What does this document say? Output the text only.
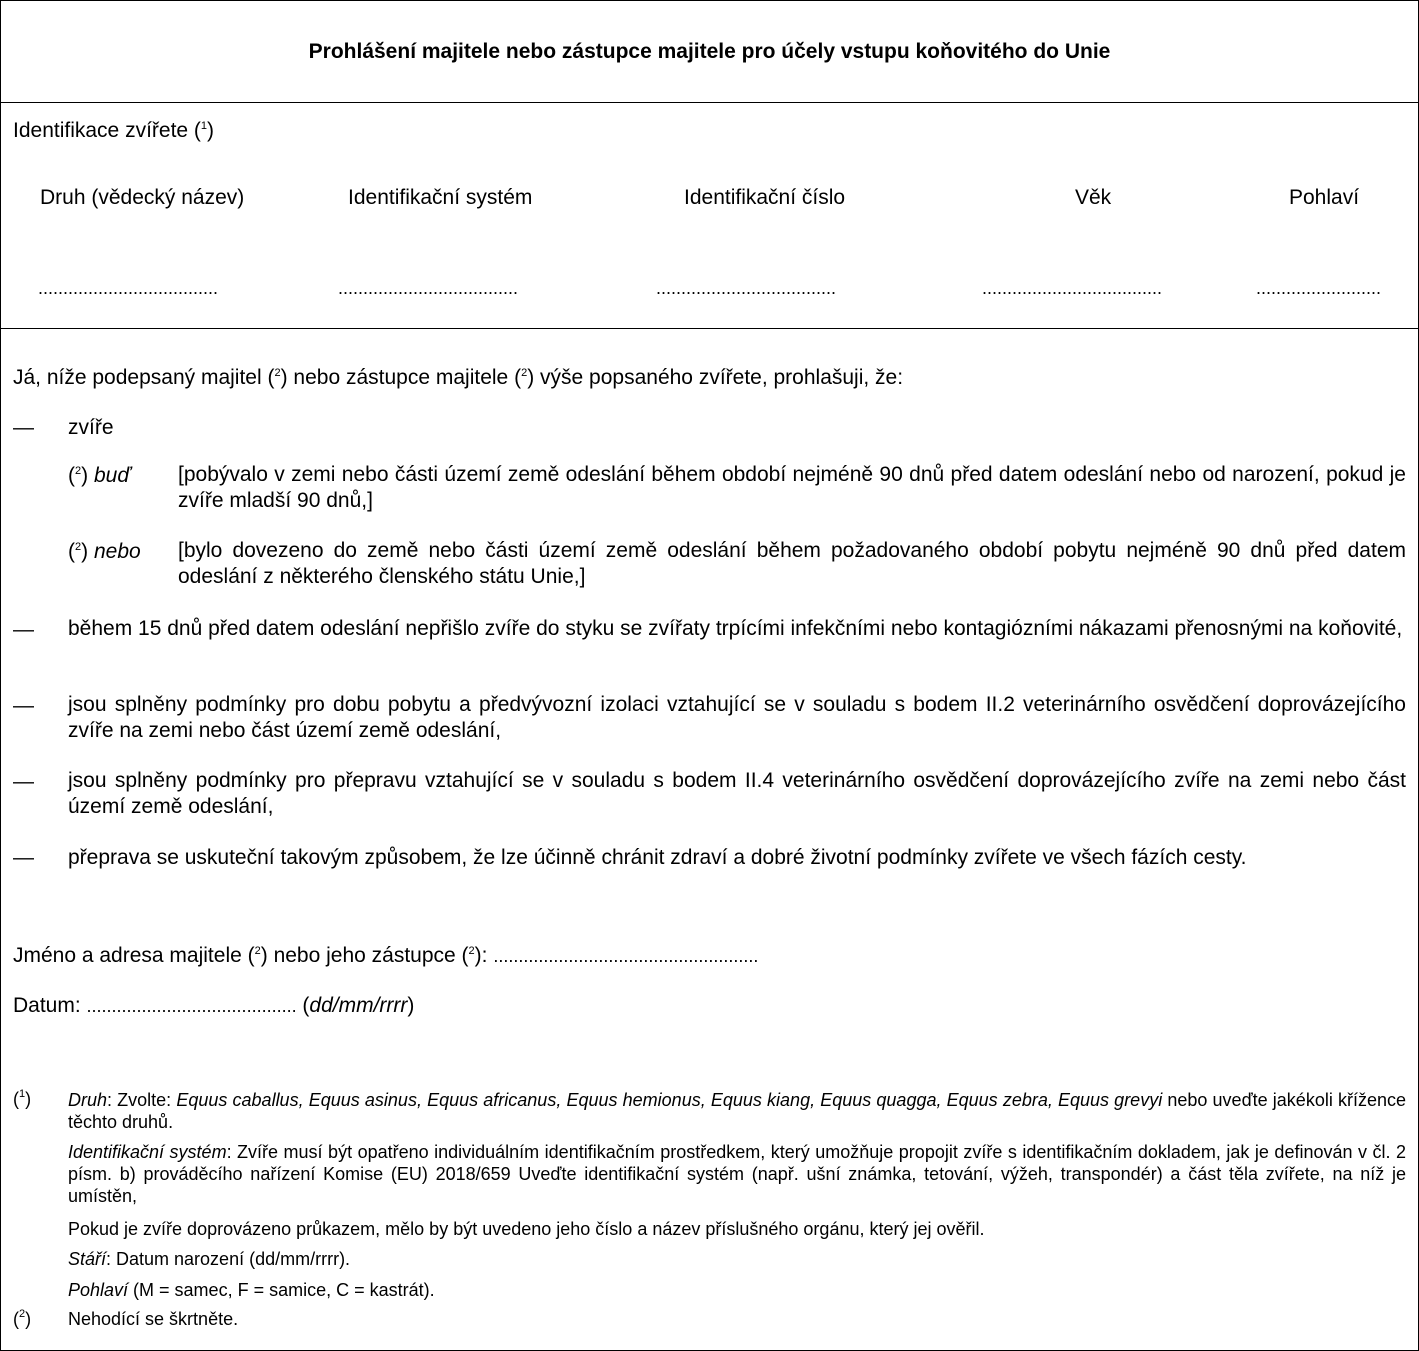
Prohlášení majitele nebo zástupce majitele pro účely vstupu koňovitého do Unie
Identifikace zvířete ($^1$)
Druh (vědecký název)	Identifikační systém	Identifikační číslo	Věk	Pohlaví
....................................	....................................	....................................	....................................	.........................
Já, níže podepsaný majitel ($^2$) nebo zástupce majitele ($^2$) výše popsaného zvířete, prohlašuji, že:
— zvíře
($^2$) buď [pobývalo v zemi nebo části území země odeslání během období nejméně 90 dnů před datem odeslání nebo od narození, pokud je zvíře mladší 90 dnů,]
($^2$) nebo [bylo dovezeno do země nebo části území země odeslání během požadovaného období pobytu nejméně 90 dnů před datem odeslání z některého členského státu Unie,]
— během 15 dnů před datem odeslání nepřišlo zvíře do styku se zvířaty trpícími infekčními nebo kontagiózními nákazami přenosnými na koňovité,
— jsou splněny podmínky pro dobu pobytu a předvývozní izolaci vztahující se v souladu s bodem II.2 veterinárního osvědčení doprovázejícího zvíře na zemi nebo část území země odeslání,
— jsou splněny podmínky pro přepravu vztahující se v souladu s bodem II.4 veterinárního osvědčení doprovázejícího zvíře na zemi nebo část území země odeslání,
— přeprava se uskuteční takovým způsobem, že lze účinně chránit zdraví a dobré životní podmínky zvířete ve všech fázích cesty.
Jméno a adresa majitele ($^2$) nebo jeho zástupce ($^2$): .....................................................
Datum: .......................................... (dd/mm/rrrr)
($^1$) Druh: Zvolte: Equus caballus, Equus asinus, Equus africanus, Equus hemionus, Equus kiang, Equus quagga, Equus zebra, Equus grevyi nebo uveďte jakékoli křížence těchto druhů.
Identifikační systém: Zvíře musí být opatřeno individuálním identifikačním prostředkem, který umožňuje propojit zvíře s identifikačním dokladem, jak je definován v čl. 2 písm. b) prováděcího nařízení Komise (EU) 2018/659 Uveďte identifikační systém (např. ušní známka, tetování, výžeh, transpondér) a část těla zvířete, na níž je umístěn,
Pokud je zvíře doprovázeno průkazem, mělo by být uvedeno jeho číslo a název příslušného orgánu, který jej ověřil.
Stáří: Datum narození (dd/mm/rrrr).
Pohlaví (M = samec, F = samice, C = kastrát).
($^2$) Nehodící se škrtněte.
